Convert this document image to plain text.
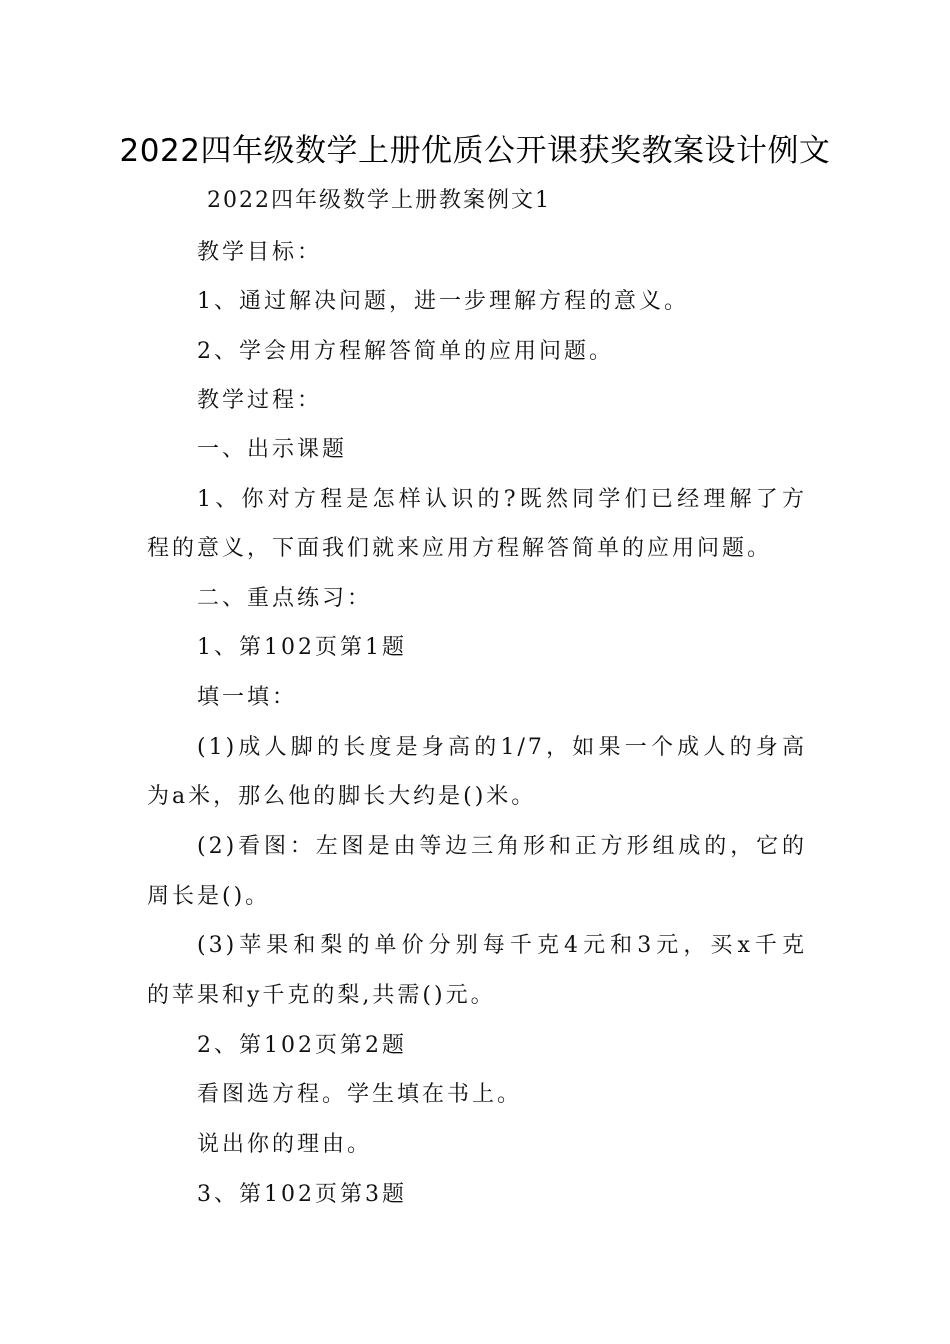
2022四年级数学上册优质公开课获奖教案设计例文
2022四年级数学上册教案例文1
教学目标：
1、通过解决问题，进一步理解方程的意义。
2、学会用方程解答简单的应用问题。
教学过程：
一、出示课题
1、你对方程是怎样认识的?既然同学们已经理解了方
程的意义，下面我们就来应用方程解答简单的应用问题。
二、重点练习：
1、第102页第1题
填一填：
(1)成人脚的长度是身高的1/7，如果一个成人的身高
为a米，那么他的脚长大约是()米。
(2)看图：左图是由等边三角形和正方形组成的，它的
周长是()。
(3)苹果和梨的单价分别每千克4元和3元，买x千克
的苹果和y千克的梨,共需()元。
2、第102页第2题
看图选方程。学生填在书上。
说出你的理由。
3、第102页第3题
